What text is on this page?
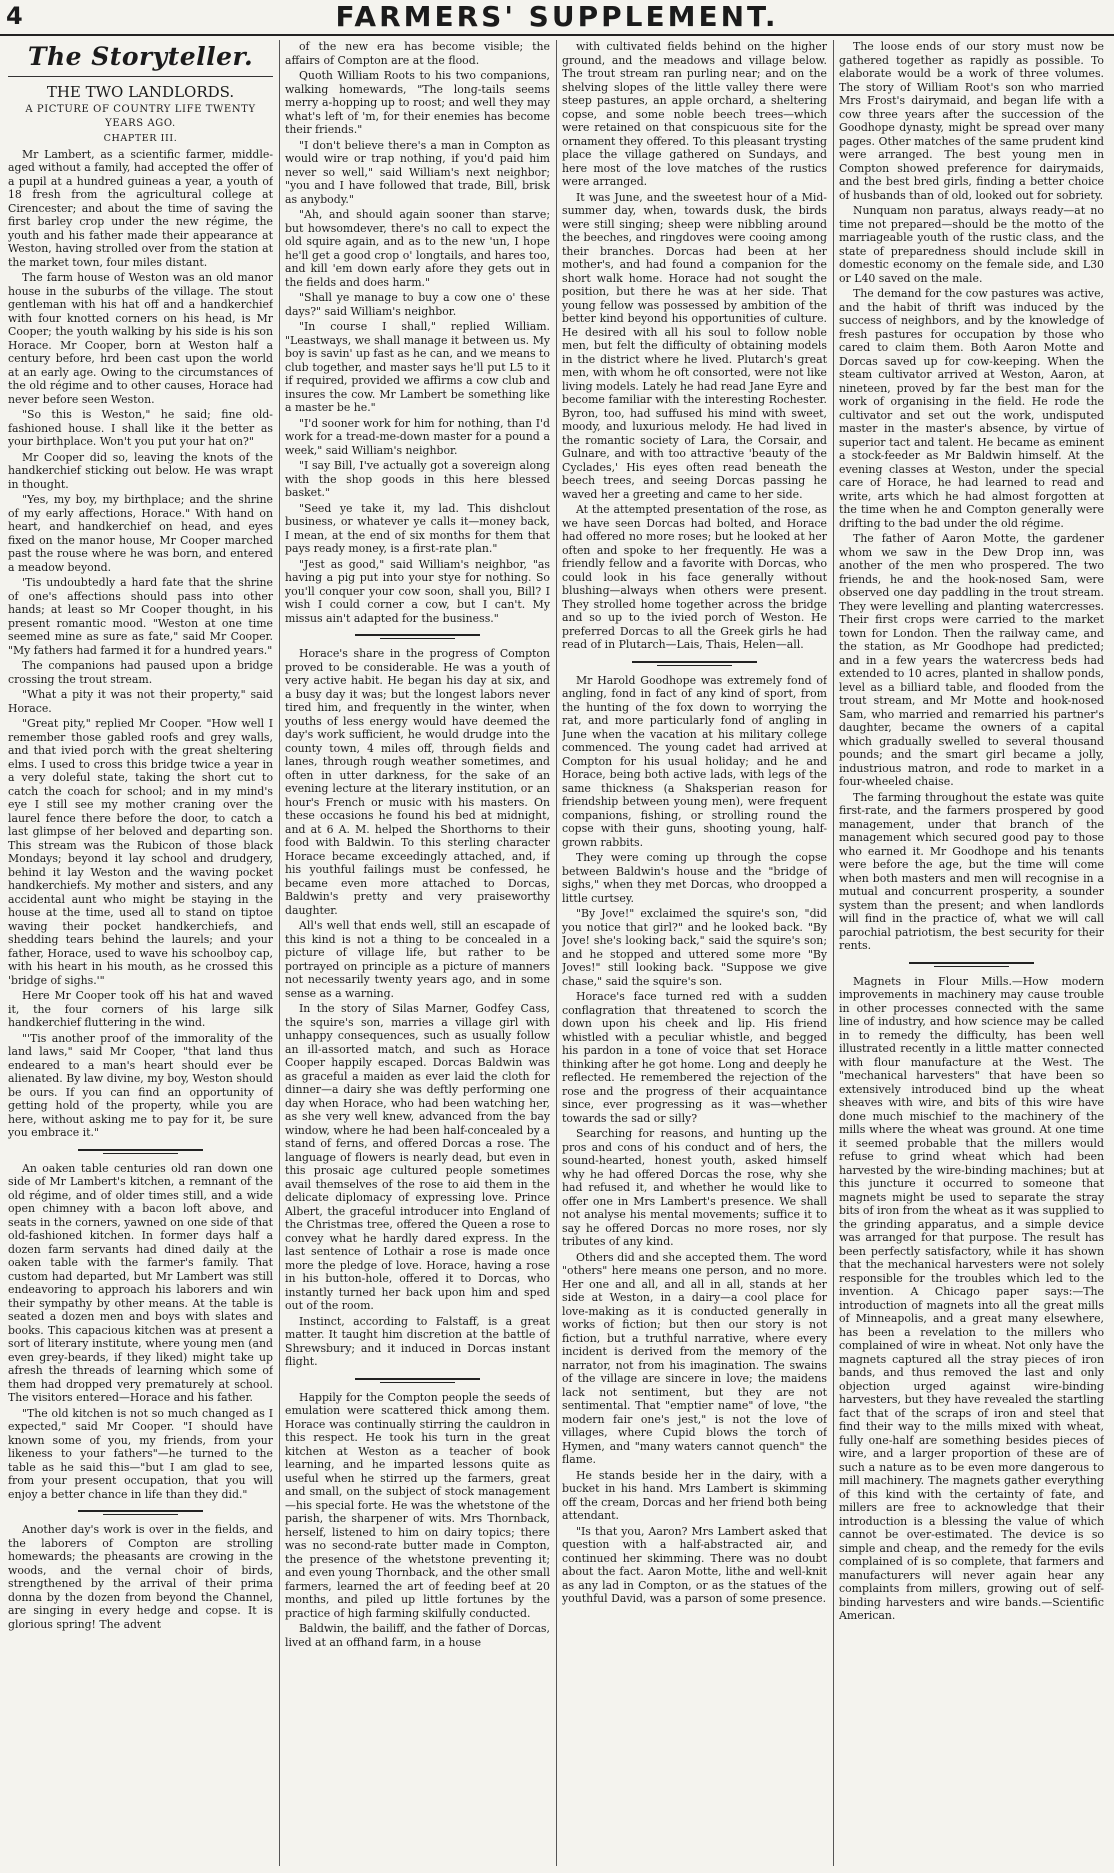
4	FARMERS' SUPPLEMENT.
The Storyteller.

THE TWO LANDLORDS.

A PICTURE OF COUNTRY LIFE TWENTY YEARS AGO.

CHAPTER III.

Mr Lambert, as a scientific farmer, middle-aged without a family, had accepted the offer of a pupil at a hundred guineas a year, a youth of 18 fresh from the agricultural college at Cirencester; and about the time of saving the first barley crop under the new régime, the youth and his father made their appearance at Weston, having strolled over from the station at the market town, four miles distant.

The farm house of Weston was an old manor house in the suburbs of the village. The stout gentleman with his hat off and a handkerchief with four knotted corners on his head, is Mr Cooper; the youth walking by his side is his son Horace. Mr Cooper, born at Weston half a century before, hrd been cast upon the world at an early age. Owing to the circumstances of the old régime and to other causes, Horace had never before seen Weston.

"So this is Weston," he said; fine old-fashioned house. I shall like it the better as your birthplace. Won't you put your hat on?"

Mr Cooper did so, leaving the knots of the handkerchief sticking out below. He was wrapt in thought.

"Yes, my boy, my birthplace; and the shrine of my early affections, Horace." With hand on heart, and handkerchief on head, and eyes fixed on the manor house, Mr Cooper marched past the rouse where he was born, and entered a meadow beyond.

'Tis undoubtedly a hard fate that the shrine of one's affections should pass into other hands; at least so Mr Cooper thought, in his present romantic mood. "Weston at one time seemed mine as sure as fate," said Mr Cooper. "My fathers had farmed it for a hundred years."

The companions had paused upon a bridge crossing the trout stream.

"What a pity it was not their property," said Horace.

"Great pity," replied Mr Cooper. "How well I remember those gabled roofs and grey walls, and that ivied porch with the great sheltering elms. I used to cross this bridge twice a year in a very doleful state, taking the short cut to catch the coach for school; and in my mind's eye I still see my mother craning over the laurel fence there before the door, to catch a last glimpse of her beloved and departing son. This stream was the Rubicon of those black Mondays; beyond it lay school and drudgery, behind it lay Weston and the waving pocket handkerchiefs. My mother and sisters, and any accidental aunt who might be staying in the house at the time, used all to stand on tiptoe waving their pocket handkerchiefs, and shedding tears behind the laurels; and your father, Horace, used to wave his schoolboy cap, with his heart in his mouth, as he crossed this 'bridge of sighs.'"

Here Mr Cooper took off his hat and waved it, the four corners of his large silk handkerchief fluttering in the wind.

"'Tis another proof of the immorality of the land laws," said Mr Cooper, "that land thus endeared to a man's heart should ever be alienated. By law divine, my boy, Weston should be ours. If you can find an opportunity of getting hold of the property, while you are here, without asking me to pay for it, be sure you embrace it."

An oaken table centuries old ran down one side of Mr Lambert's kitchen, a remnant of the old régime, and of older times still, and a wide open chimney with a bacon loft above, and seats in the corners, yawned on one side of that old-fashioned kitchen. In former days half a dozen farm servants had dined daily at the oaken table with the farmer's family. That custom had departed, but Mr Lambert was still endeavoring to approach his laborers and win their sympathy by other means. At the table is seated a dozen men and boys with slates and books. This capacious kitchen was at present a sort of literary institute, where young men (and even grey-beards, if they liked) might take up afresh the threads of learning which some of them had dropped very prematurely at school. The visitors entered—Horace and his father.

"The old kitchen is not so much changed as I expected," said Mr Cooper. "I should have known some of you, my friends, from your likeness to your fathers"—he turned to the table as he said this—"but I am glad to see, from your present occupation, that you will enjoy a better chance in life than they did."

Another day's work is over in the fields, and the laborers of Compton are strolling homewards; the pheasants are crowing in the woods, and the vernal choir of birds, strengthened by the arrival of their prima donna by the dozen from beyond the Channel, are singing in every hedge and copse. It is glorious spring! The advent

of the new era has become visible; the affairs of Compton are at the flood.

Quoth William Roots to his two companions, walking homewards, "The long-tails seems merry a-hopping up to roost; and well they may what's left of 'm, for their enemies has become their friends."

"I don't believe there's a man in Compton as would wire or trap nothing, if you'd paid him never so well," said William's next neighbor; "you and I have followed that trade, Bill, brisk as anybody."

"Ah, and should again sooner than starve; but howsomdever, there's no call to expect the old squire again, and as to the new 'un, I hope he'll get a good crop o' longtails, and hares too, and kill 'em down early afore they gets out in the fields and does harm."

"Shall ye manage to buy a cow one o' these days?" said William's neighbor.

"In course I shall," replied William. "Leastways, we shall manage it between us. My boy is savin' up fast as he can, and we means to club together, and master says he'll put L5 to it if required, provided we affirms a cow club and insures the cow. Mr Lambert be something like a master be he."

"I'd sooner work for him for nothing, than I'd work for a tread-me-down master for a pound a week," said William's neighbor.

"I say Bill, I've actually got a sovereign along with the shop goods in this here blessed basket."

"Seed ye take it, my lad. This dishclout business, or whatever ye calls it—money back, I mean, at the end of six months for them that pays ready money, is a first-rate plan."

"Jest as good," said William's neighbor, "as having a pig put into your stye for nothing. So you'll conquer your cow soon, shall you, Bill? I wish I could corner a cow, but I can't. My missus ain't adapted for the business."

Horace's share in the progress of Compton proved to be considerable. He was a youth of very active habit. He began his day at six, and a busy day it was; but the longest labors never tired him, and frequently in the winter, when youths of less energy would have deemed the day's work sufficient, he would drudge into the county town, 4 miles off, through fields and lanes, through rough weather sometimes, and often in utter darkness, for the sake of an evening lecture at the literary institution, or an hour's French or music with his masters. On these occasions he found his bed at midnight, and at 6 A. M. helped the Shorthorns to their food with Baldwin. To this sterling character Horace became exceedingly attached, and, if his youthful failings must be confessed, he became even more attached to Dorcas, Baldwin's pretty and very praiseworthy daughter.

All's well that ends well, still an escapade of this kind is not a thing to be concealed in a picture of village life, but rather to be portrayed on principle as a picture of manners not necessarily twenty years ago, and in some sense as a warning.

In the story of Silas Marner, Godfey Cass, the squire's son, marries a village girl with unhappy consequences, such as usually follow an ill-assorted match, and such as Horace Cooper happily escaped. Dorcas Baldwin was as graceful a maiden as ever laid the cloth for dinner—a dairy she was deftly performing one day when Horace, who had been watching her, as she very well knew, advanced from the bay window, where he had been half-concealed by a stand of ferns, and offered Dorcas a rose. The language of flowers is nearly dead, but even in this prosaic age cultured people sometimes avail themselves of the rose to aid them in the delicate diplomacy of expressing love. Prince Albert, the graceful introducer into England of the Christmas tree, offered the Queen a rose to convey what he hardly dared express. In the last sentence of Lothair a rose is made once more the pledge of love. Horace, having a rose in his button-hole, offered it to Dorcas, who instantly turned her back upon him and sped out of the room.

Instinct, according to Falstaff, is a great matter. It taught him discretion at the battle of Shrewsbury; and it induced in Dorcas instant flight.

Happily for the Compton people the seeds of emulation were scattered thick among them. Horace was continually stirring the cauldron in this respect. He took his turn in the great kitchen at Weston as a teacher of book learning, and he imparted lessons quite as useful when he stirred up the farmers, great and small, on the subject of stock management—his special forte. He was the whetstone of the parish, the sharpener of wits. Mrs Thornback, herself, listened to him on dairy topics; there was no second-rate butter made in Compton, the presence of the whetstone preventing it; and even young Thornback, and the other small farmers, learned the art of feeding beef at 20 months, and piled up little fortunes by the practice of high farming skilfully conducted.

Baldwin, the bailiff, and the father of Dorcas, lived at an offhand farm, in a house

with cultivated fields behind on the higher ground, and the meadows and village below. The trout stream ran purling near; and on the shelving slopes of the little valley there were steep pastures, an apple orchard, a sheltering copse, and some noble beech trees—which were retained on that conspicuous site for the ornament they offered. To this pleasant trysting place the village gathered on Sundays, and here most of the love matches of the rustics were arranged.

It was June, and the sweetest hour of a Mid-summer day, when, towards dusk, the birds were still singing; sheep were nibbling around the beeches, and ringdoves were cooing among their branches. Dorcas had been at her mother's, and had found a companion for the short walk home. Horace had not sought the position, but there he was at her side. That young fellow was possessed by ambition of the better kind beyond his opportunities of culture. He desired with all his soul to follow noble men, but felt the difficulty of obtaining models in the district where he lived. Plutarch's great men, with whom he oft consorted, were not like living models. Lately he had read Jane Eyre and become familiar with the interesting Rochester. Byron, too, had suffused his mind with sweet, moody, and luxurious melody. He had lived in the romantic society of Lara, the Corsair, and Gulnare, and with too attractive 'beauty of the Cyclades,' His eyes often read beneath the beech trees, and seeing Dorcas passing he waved her a greeting and came to her side.

At the attempted presentation of the rose, as we have seen Dorcas had bolted, and Horace had offered no more roses; but he looked at her often and spoke to her frequently. He was a friendly fellow and a favorite with Dorcas, who could look in his face generally without blushing—always when others were present. They strolled home together across the bridge and so up to the ivied porch of Weston. He preferred Dorcas to all the Greek girls he had read of in Plutarch—Lais, Thais, Helen—all.

Mr Harold Goodhope was extremely fond of angling, fond in fact of any kind of sport, from the hunting of the fox down to worrying the rat, and more particularly fond of angling in June when the vacation at his military college commenced. The young cadet had arrived at Compton for his usual holiday; and he and Horace, being both active lads, with legs of the same thickness (a Shaksperian reason for friendship between young men), were frequent companions, fishing, or strolling round the copse with their guns, shooting young, half-grown rabbits.

They were coming up through the copse between Baldwin's house and the "bridge of sighs," when they met Dorcas, who droopped a little curtsey.

"By Jove!" exclaimed the squire's son, "did you notice that girl?" and he looked back. "By Jove! she's looking back," said the squire's son; and he stopped and uttered some more "By Joves!" still looking back. "Suppose we give chase," said the squire's son.

Horace's face turned red with a sudden conflagration that threatened to scorch the down upon his cheek and lip. His friend whistled with a peculiar whistle, and begged his pardon in a tone of voice that set Horace thinking after he got home. Long and deeply he reflected. He remembered the rejection of the rose and the progress of their acquaintance since, ever progressing as it was—whether towards the sad or silly?

Searching for reasons, and hunting up the pros and cons of his conduct and of hers, the sound-hearted, honest youth, asked himself why he had offered Dorcas the rose, why she had refused it, and whether he would like to offer one in Mrs Lambert's presence. We shall not analyse his mental movements; suffice it to say he offered Dorcas no more roses, nor sly tributes of any kind.

Others did and she accepted them. The word "others" here means one person, and no more. Her one and all, and all in all, stands at her side at Weston, in a dairy—a cool place for love-making as it is conducted generally in works of fiction; but then our story is not fiction, but a truthful narrative, where every incident is derived from the memory of the narrator, not from his imagination. The swains of the village are sincere in love; the maidens lack not sentiment, but they are not sentimental. That "emptier name" of love, "the modern fair one's jest," is not the love of villages, where Cupid blows the torch of Hymen, and "many waters cannot quench" the flame.

He stands beside her in the dairy, with a bucket in his hand. Mrs Lambert is skimming off the cream, Dorcas and her friend both being attendant.

"Is that you, Aaron? Mrs Lambert asked that question with a half-abstracted air, and continued her skimming. There was no doubt about the fact. Aaron Motte, lithe and well-knit as any lad in Compton, or as the statues of the youthful David, was a parson of some presence.

The loose ends of our story must now be gathered together as rapidly as possible. To elaborate would be a work of three volumes. The story of William Root's son who married Mrs Frost's dairymaid, and began life with a cow three years after the succession of the Goodhope dynasty, might be spread over many pages. Other matches of the same prudent kind were arranged. The best young men in Compton showed preference for dairymaids, and the best bred girls, finding a better choice of husbands than of old, looked out for sobriety.

Nunquam non paratus, always ready—at no time not prepared—should be the motto of the marriageable youth of the rustic class, and the state of preparedness should include skill in domestic economy on the female side, and L30 or L40 saved on the male.

The demand for the cow pastures was active, and the habit of thrift was induced by the success of neighbors, and by the knowledge of fresh pastures for occupation by those who cared to claim them. Both Aaron Motte and Dorcas saved up for cow-keeping. When the steam cultivator arrived at Weston, Aaron, at nineteen, proved by far the best man for the work of organising in the field. He rode the cultivator and set out the work, undisputed master in the master's absence, by virtue of superior tact and talent. He became as eminent a stock-feeder as Mr Baldwin himself. At the evening classes at Weston, under the special care of Horace, he had learned to read and write, arts which he had almost forgotten at the time when he and Compton generally were drifting to the bad under the old régime.

The father of Aaron Motte, the gardener whom we saw in the Dew Drop inn, was another of the men who prospered. The two friends, he and the hook-nosed Sam, were observed one day paddling in the trout stream. They were levelling and planting watercresses. Their first crops were carried to the market town for London. Then the railway came, and the station, as Mr Goodhope had predicted; and in a few years the watercress beds had extended to 10 acres, planted in shallow ponds, level as a billiard table, and flooded from the trout stream, and Mr Motte and hook-nosed Sam, who married and remarried his partner's daughter, became the owners of a capital which gradually swelled to several thousand pounds; and the smart girl became a jolly, industrious matron, and rode to market in a four-wheeled chaise.

The farming throughout the estate was quite first-rate, and the farmers prospered by good management, under that branch of the management which secured good pay to those who earned it. Mr Goodhope and his tenants were before the age, but the time will come when both masters and men will recognise in a mutual and concurrent prosperity, a sounder system than the present; and when landlords will find in the practice of, what we will call parochial patriotism, the best security for their rents.

Magnets in Flour Mills.—How modern improvements in machinery may cause trouble in other processes connected with the same line of industry, and how science may be called in to remedy the difficulty, has been well illustrated recently in a little matter connected with flour manufacture at the West. The "mechanical harvesters" that have been so extensively introduced bind up the wheat sheaves with wire, and bits of this wire have done much mischief to the machinery of the mills where the wheat was ground. At one time it seemed probable that the millers would refuse to grind wheat which had been harvested by the wire-binding machines; but at this juncture it occurred to someone that magnets might be used to separate the stray bits of iron from the wheat as it was supplied to the grinding apparatus, and a simple device was arranged for that purpose. The result has been perfectly satisfactory, while it has shown that the mechanical harvesters were not solely responsible for the troubles which led to the invention. A Chicago paper says:—The introduction of magnets into all the great mills of Minneapolis, and a great many elsewhere, has been a revelation to the millers who complained of wire in wheat. Not only have the magnets captured all the stray pieces of iron bands, and thus removed the last and only objection urged against wire-binding harvesters, but they have revealed the startling fact that of the scraps of iron and steel that find their way to the mills mixed with wheat, fully one-half are something besides pieces of wire, and a larger proportion of these are of such a nature as to be even more dangerous to mill machinery. The magnets gather everything of this kind with the certainty of fate, and millers are free to acknowledge that their introduction is a blessing the value of which cannot be over-estimated. The device is so simple and cheap, and the remedy for the evils complained of is so complete, that farmers and manufacturers will never again hear any complaints from millers, growing out of self-binding harvesters and wire bands.—Scientific American.
